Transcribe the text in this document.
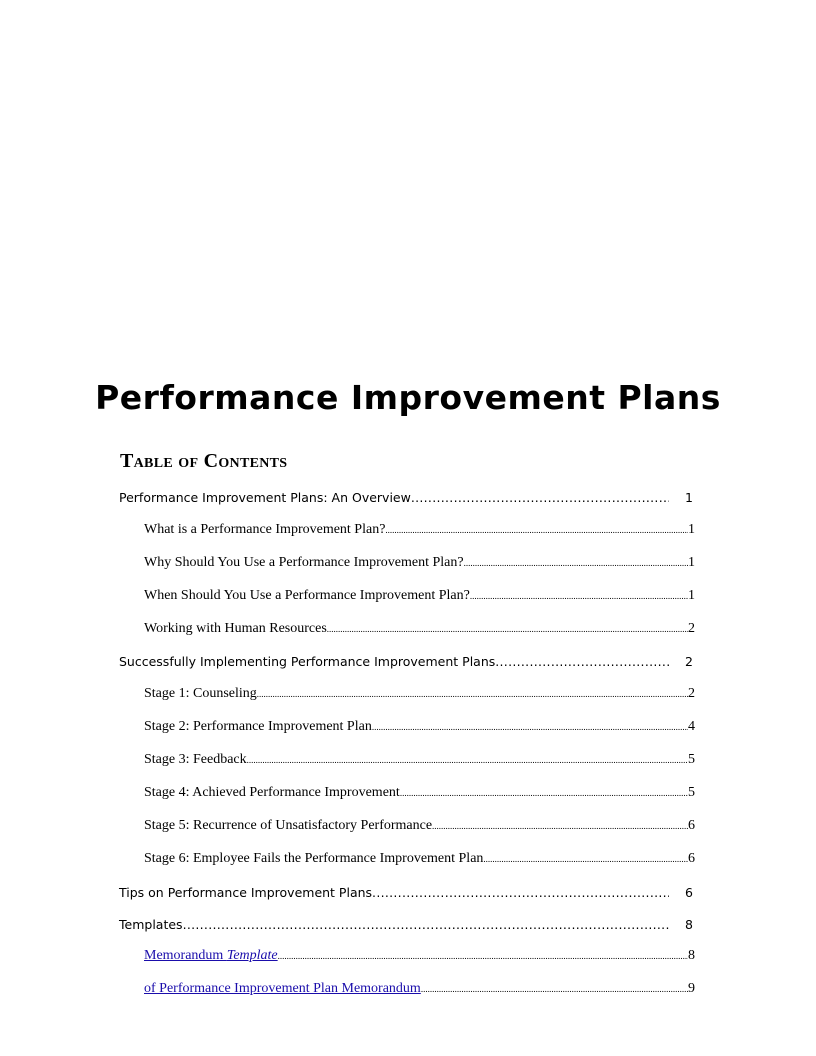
Performance Improvement Plans
Table of Contents
Performance Improvement Plans: An Overview .....	1
What is a Performance Improvement Plan? .....	1
Why Should You Use a Performance Improvement Plan? .....	1
When Should You Use a Performance Improvement Plan? .....	1
Working with Human Resources .....	2
Successfully Implementing Performance Improvement Plans .....	2
Stage 1: Counseling .....	2
Stage 2: Performance Improvement Plan .....	4
Stage 3: Feedback .....	5
Stage 4: Achieved Performance Improvement .....	5
Stage 5: Recurrence of Unsatisfactory Performance .....	6
Stage 6: Employee Fails the Performance Improvement Plan .....	6
Tips on Performance Improvement Plans .....	6
Templates .....	8
Memorandum Template .....	8
of Performance Improvement Plan Memorandum .....	9
